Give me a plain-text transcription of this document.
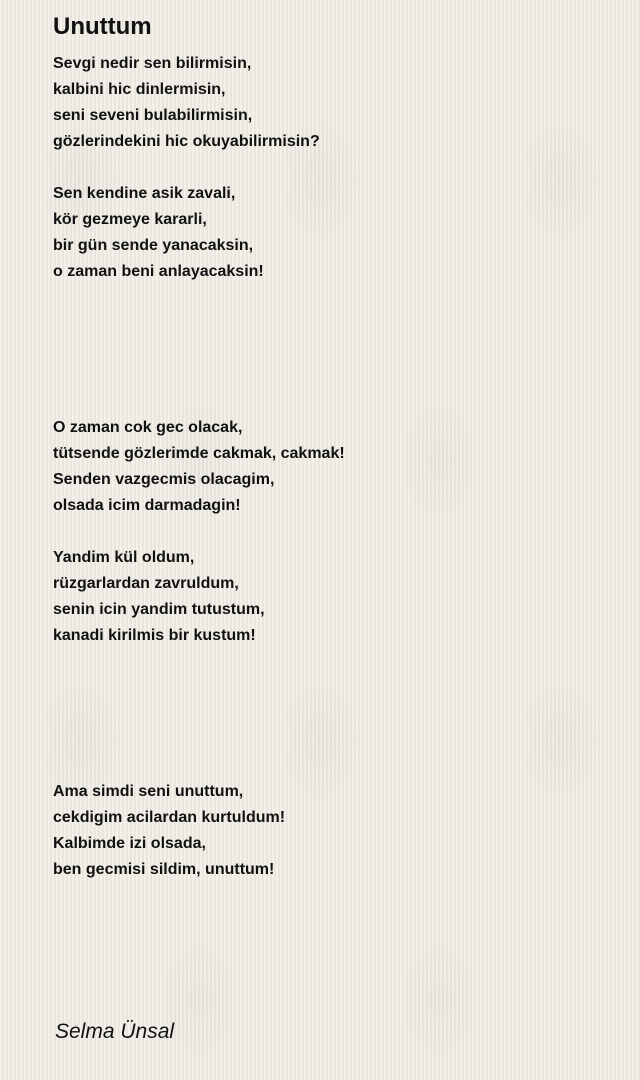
Unuttum
Sevgi nedir sen bilirmisin,
kalbini hic dinlermisin,
seni seveni bulabilirmisin,
gözlerindekini hic okuyabilirmisin?
Sen kendine asik zavali,
kör gezmeye kararli,
bir gün sende yanacaksin,
o zaman beni anlayacaksin!
O zaman cok gec olacak,
tütsende gözlerimde cakmak, cakmak!
Senden vazgecmis olacagim,
olsada icim darmadagin!
Yandim kül oldum,
rüzgarlardan zavruldum,
senin icin yandim tutustum,
kanadi kirilmis bir kustum!
Ama simdi seni unuttum,
cekdigim acilardan kurtuldum!
Kalbimde izi olsada,
ben gecmisi sildim, unuttum!
Selma Ünsal
